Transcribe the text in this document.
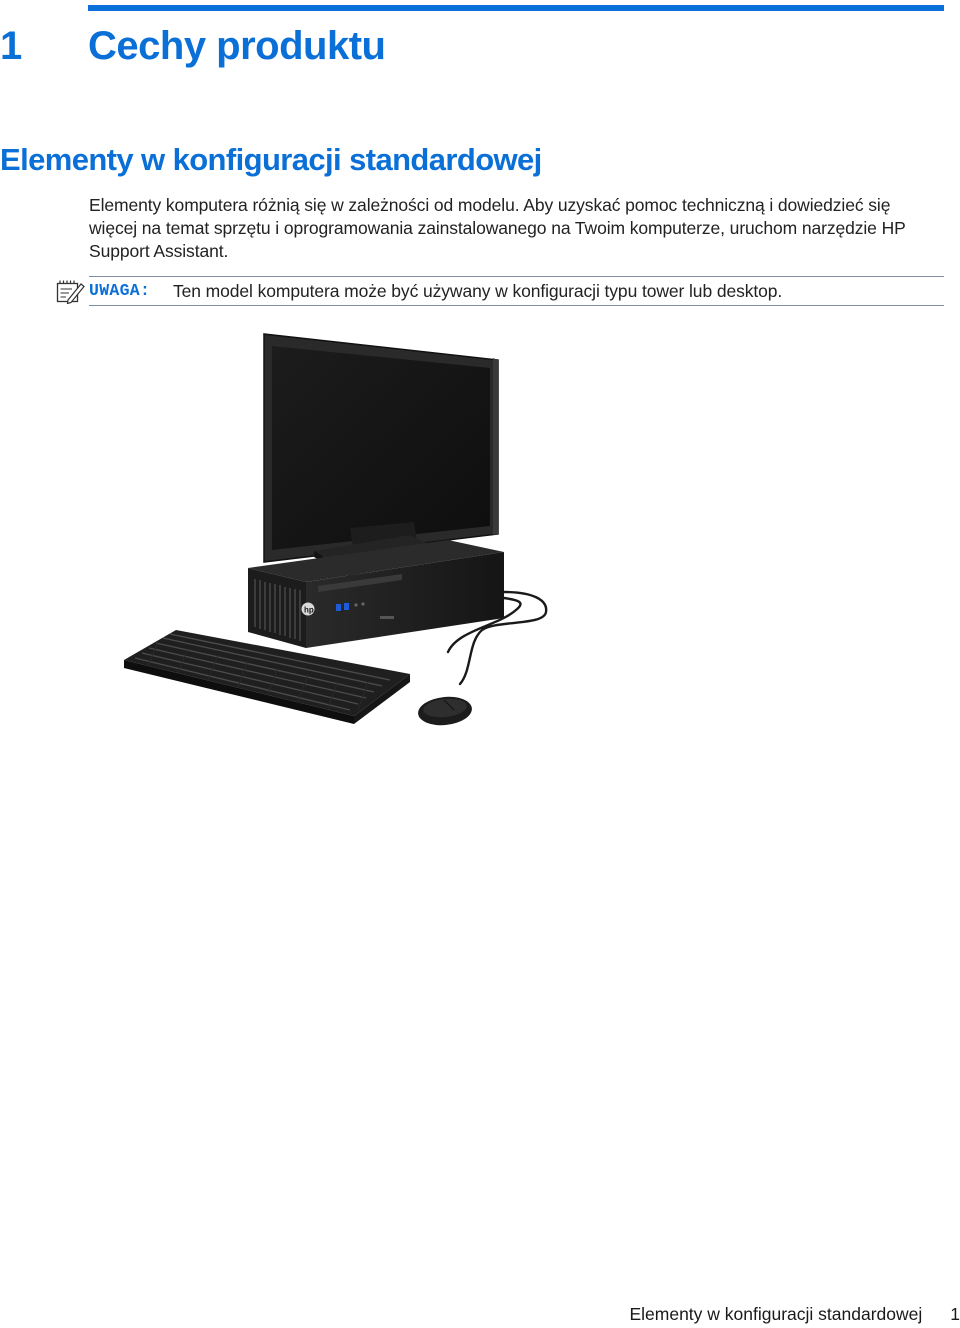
1 Cechy produktu
Elementy w konfiguracji standardowej
Elementy komputera różnią się w zależności od modelu. Aby uzyskać pomoc techniczną i dowiedzieć się więcej na temat sprzętu i oprogramowania zainstalowanego na Twoim komputerze, uruchom narzędzie HP Support Assistant.
UWAGA: Ten model komputera może być używany w konfiguracji typu tower lub desktop.
hp
Elementy w konfiguracji standardowej 1
